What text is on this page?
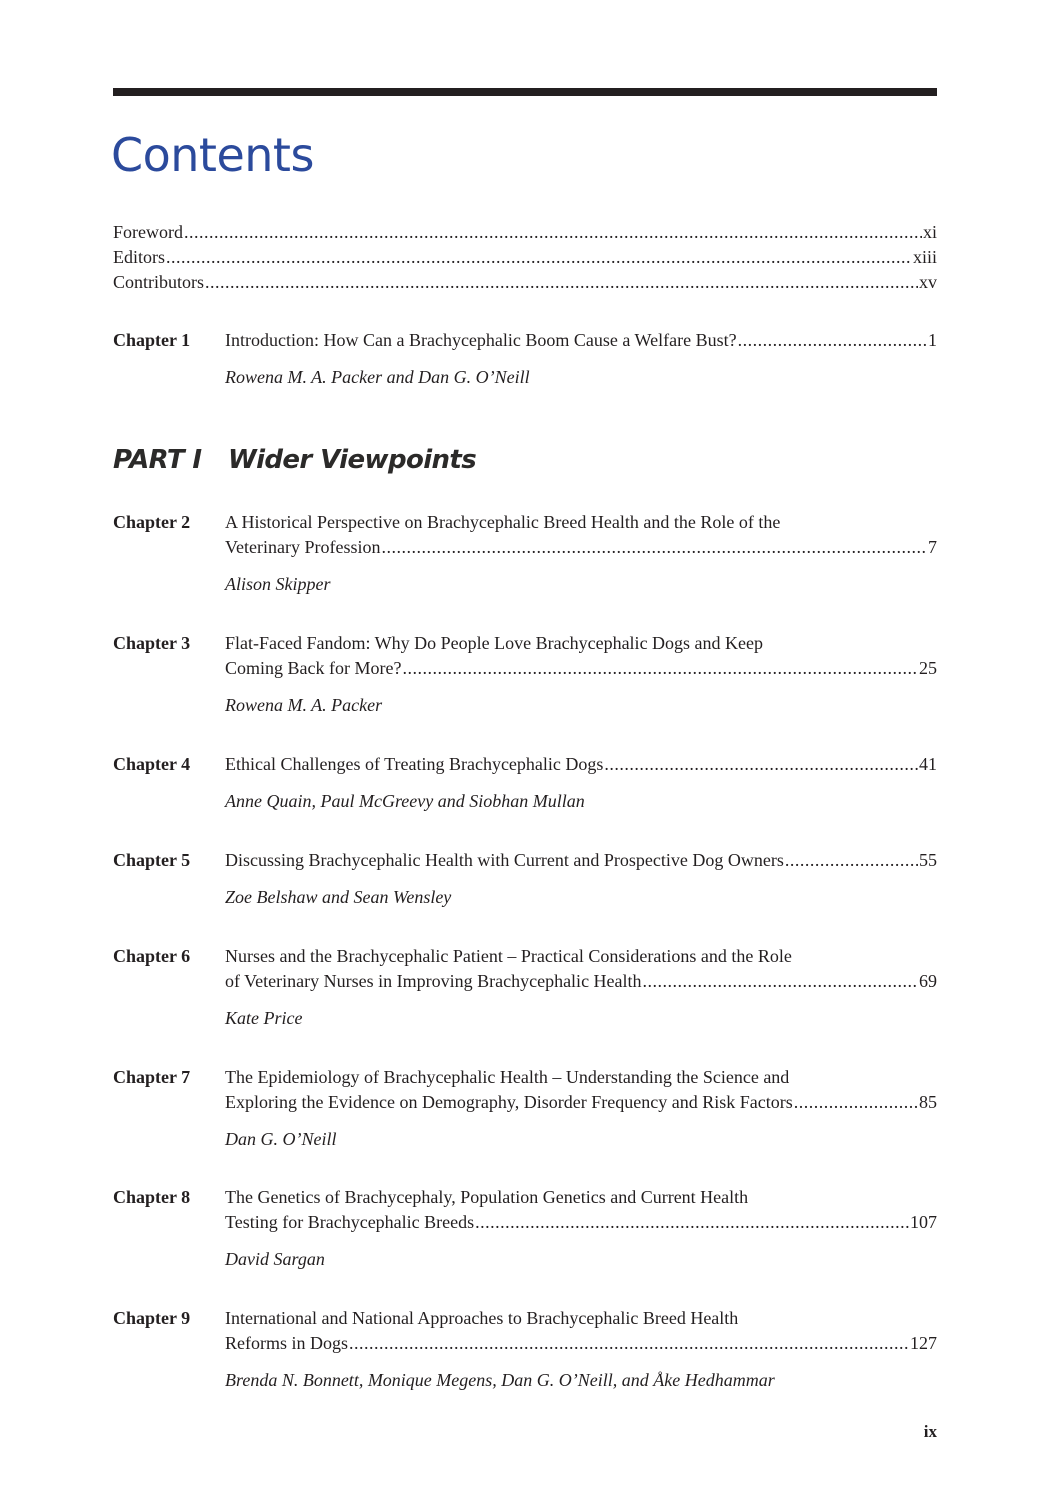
Contents
Foreword .....	xi
Editors .....	xiii
Contributors .....	xv
Chapter 1 Introduction: How Can a Brachycephalic Boom Cause a Welfare Bust? .....	1
Rowena M. A. Packer and Dan G. O’Neill
PART I Wider Viewpoints
Chapter 2 A Historical Perspective on Brachycephalic Breed Health and the Role of the
Veterinary Profession .....	7
Alison Skipper
Chapter 3 Flat-Faced Fandom: Why Do People Love Brachycephalic Dogs and Keep
Coming Back for More? .....	25
Rowena M. A. Packer
Chapter 4 Ethical Challenges of Treating Brachycephalic Dogs .....	41
Anne Quain, Paul McGreevy and Siobhan Mullan
Chapter 5 Discussing Brachycephalic Health with Current and Prospective Dog Owners .....	55
Zoe Belshaw and Sean Wensley
Chapter 6 Nurses and the Brachycephalic Patient – Practical Considerations and the Role
of Veterinary Nurses in Improving Brachycephalic Health .....	69
Kate Price
Chapter 7 The Epidemiology of Brachycephalic Health – Understanding the Science and
Exploring the Evidence on Demography, Disorder Frequency and Risk Factors .....	85
Dan G. O’Neill
Chapter 8 The Genetics of Brachycephaly, Population Genetics and Current Health
Testing for Brachycephalic Breeds .....	107
David Sargan
Chapter 9 International and National Approaches to Brachycephalic Breed Health
Reforms in Dogs .....	127
Brenda N. Bonnett, Monique Megens, Dan G. O’Neill, and Åke Hedhammar
ix
